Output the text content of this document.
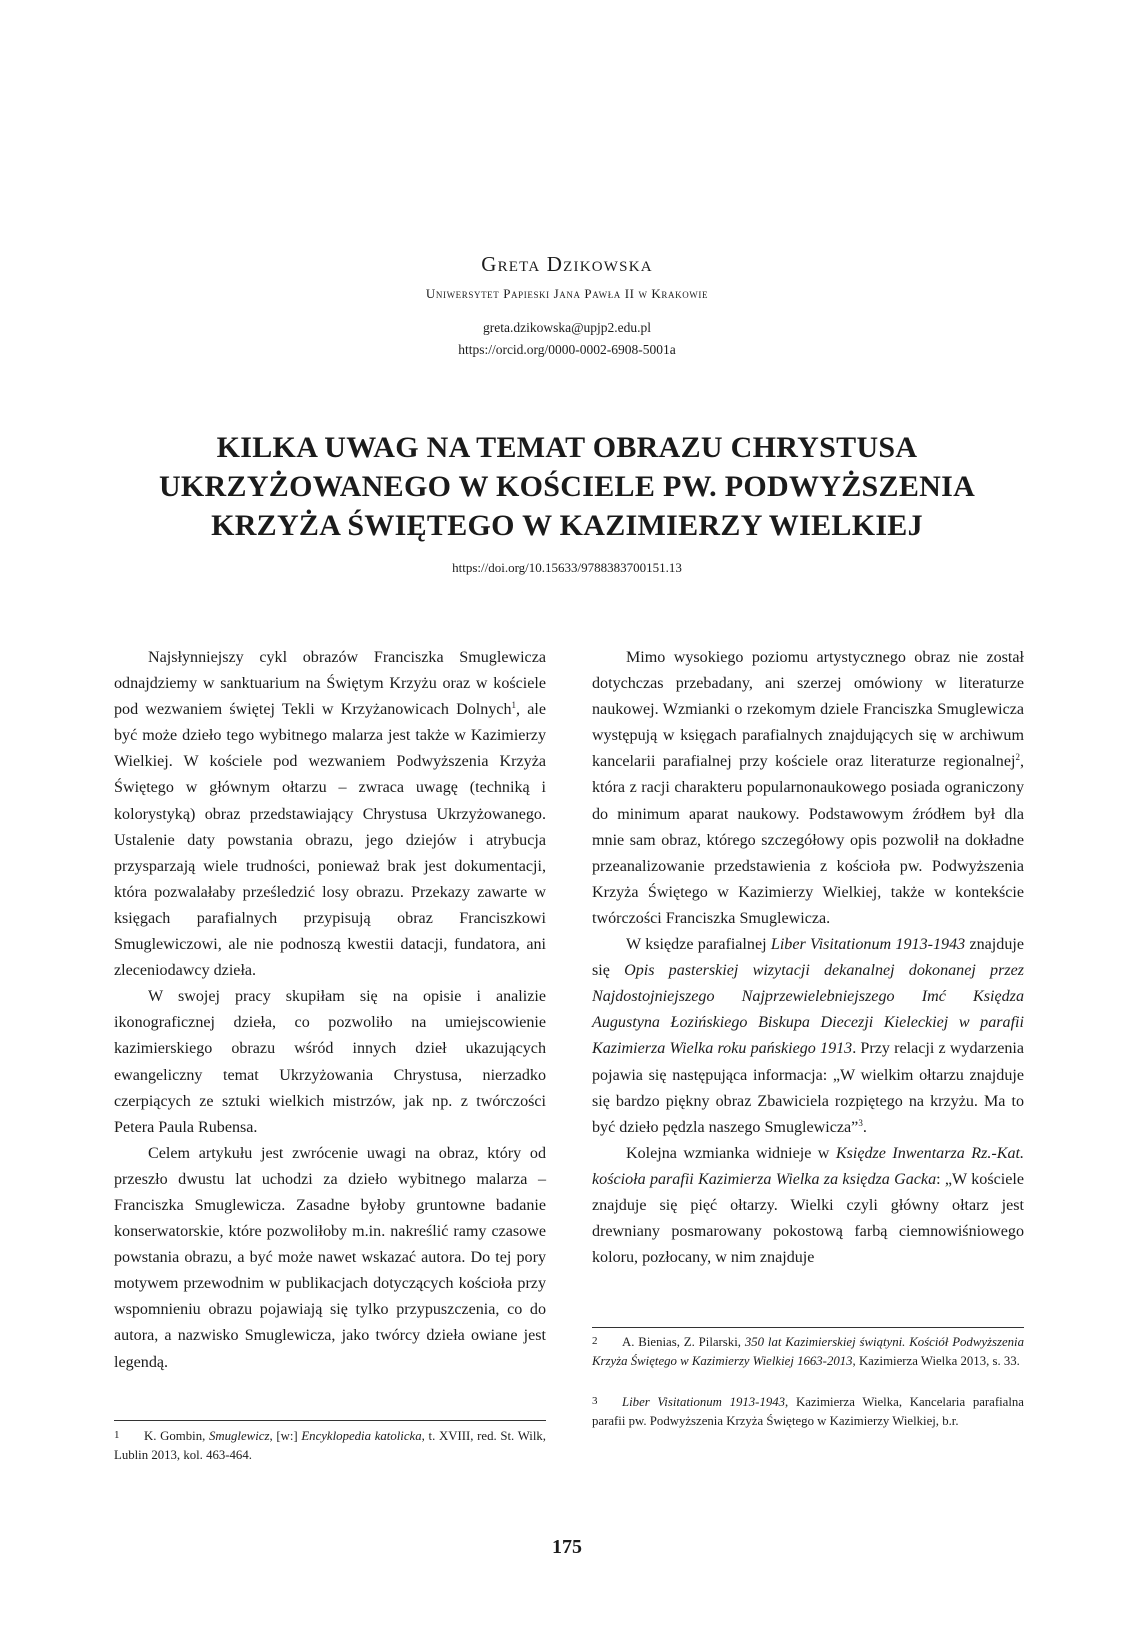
Greta Dzikowska
Uniwersytet Papieski Jana Pawła II w Krakowie
greta.dzikowska@upjp2.edu.pl
https://orcid.org/0000-0002-6908-5001a
KILKA UWAG NA TEMAT OBRAZU CHRYSTUSA
UKRZYŻOWANEGO W KOŚCIELE PW. PODWYŻSZENIA
KRZYŻA ŚWIĘTEGO W KAZIMIERZY WIELKIEJ
https://doi.org/10.15633/9788383700151.13

Najsłynniejszy cykl obrazów Franciszka Smuglewicza odnajdziemy w sanktuarium na Świętym Krzyżu oraz w kościele pod wezwaniem świętej Tekli w Krzyżanowicach Dolnych$^1$, ale być może dzieło tego wybitnego malarza jest także w Kazimierzy Wielkiej. W kościele pod wezwaniem Podwyższenia Krzyża Świętego w głównym ołtarzu – zwraca uwagę (techniką i kolorystyką) obraz przedstawiający Chrystusa Ukrzyżowanego. Ustalenie daty powstania obrazu, jego dziejów i atrybucja przysparzają wiele trudności, ponieważ brak jest dokumentacji, która pozwalałaby prześledzić losy obrazu. Przekazy zawarte w księgach parafialnych przypisują obraz Franciszkowi Smuglewiczowi, ale nie podnoszą kwestii datacji, fundatora, ani zleceniodawcy dzieła.

W swojej pracy skupiłam się na opisie i analizie ikonograficznej dzieła, co pozwoliło na umiejscowienie kazimierskiego obrazu wśród innych dzieł ukazujących ewangeliczny temat Ukrzyżowania Chrystusa, nierzadko czerpiących ze sztuki wielkich mistrzów, jak np. z twórczości Petera Paula Rubensa.

Celem artykułu jest zwrócenie uwagi na obraz, który od przeszło dwustu lat uchodzi za dzieło wybitnego malarza – Franciszka Smuglewicza. Zasadne byłoby gruntowne badanie konserwatorskie, które pozwoliłoby m.in. nakreślić ramy czasowe powstania obrazu, a być może nawet wskazać autora. Do tej pory motywem przewodnim w publikacjach dotyczących kościoła przy wspomnieniu obrazu pojawiają się tylko przypuszczenia, co do autora, a nazwisko Smuglewicza, jako twórcy dzieła owiane jest legendą.

Mimo wysokiego poziomu artystycznego obraz nie został dotychczas przebadany, ani szerzej omówiony w literaturze naukowej. Wzmianki o rzekomym dziele Franciszka Smuglewicza występują w księgach parafialnych znajdujących się w archiwum kancelarii parafialnej przy kościele oraz literaturze regionalnej$^2$, która z racji charakteru popularnonaukowego posiada ograniczony do minimum aparat naukowy. Podstawowym źródłem był dla mnie sam obraz, którego szczegółowy opis pozwolił na dokładne przeanalizowanie przedstawienia z kościoła pw. Podwyższenia Krzyża Świętego w Kazimierzy Wielkiej, także w kontekście twórczości Franciszka Smuglewicza.

W księdze parafialnej Liber Visitationum 1913-1943 znajduje się Opis pasterskiej wizytacji dekanalnej dokonanej przez Najdostojniejszego Najprzewielebniejszego Imć Księdza Augustyna Łozińskiego Biskupa Diecezji Kieleckiej w parafii Kazimierza Wielka roku pańskiego 1913. Przy relacji z wydarzenia pojawia się następująca informacja: „W wielkim ołtarzu znajduje się bardzo piękny obraz Zbawiciela rozpiętego na krzyżu. Ma to być dzieło pędzla naszego Smuglewicza”$^3$.

Kolejna wzmianka widnieje w Księdze Inwentarza Rz.-Kat. kościoła parafii Kazimierza Wielka za księdza Gacka: „W kościele znajduje się pięć ołtarzy. Wielki czyli główny ołtarz jest drewniany posmarowany pokostową farbą ciemnowiśniowego koloru, pozłocany, w nim znajduje

1 K. Gombin, Smuglewicz, [w:] Encyklopedia katolicka, t. XVIII, red. St. Wilk, Lublin 2013, kol. 463-464.
2 A. Bienias, Z. Pilarski, 350 lat Kazimierskiej świątyni. Kościół Podwyższenia Krzyża Świętego w Kazimierzy Wielkiej 1663-2013, Kazimierza Wielka 2013, s. 33.
3 Liber Visitationum 1913-1943, Kazimierza Wielka, Kancelaria parafialna parafii pw. Podwyższenia Krzyża Świętego w Kazimierzy Wielkiej, b.r.
175
